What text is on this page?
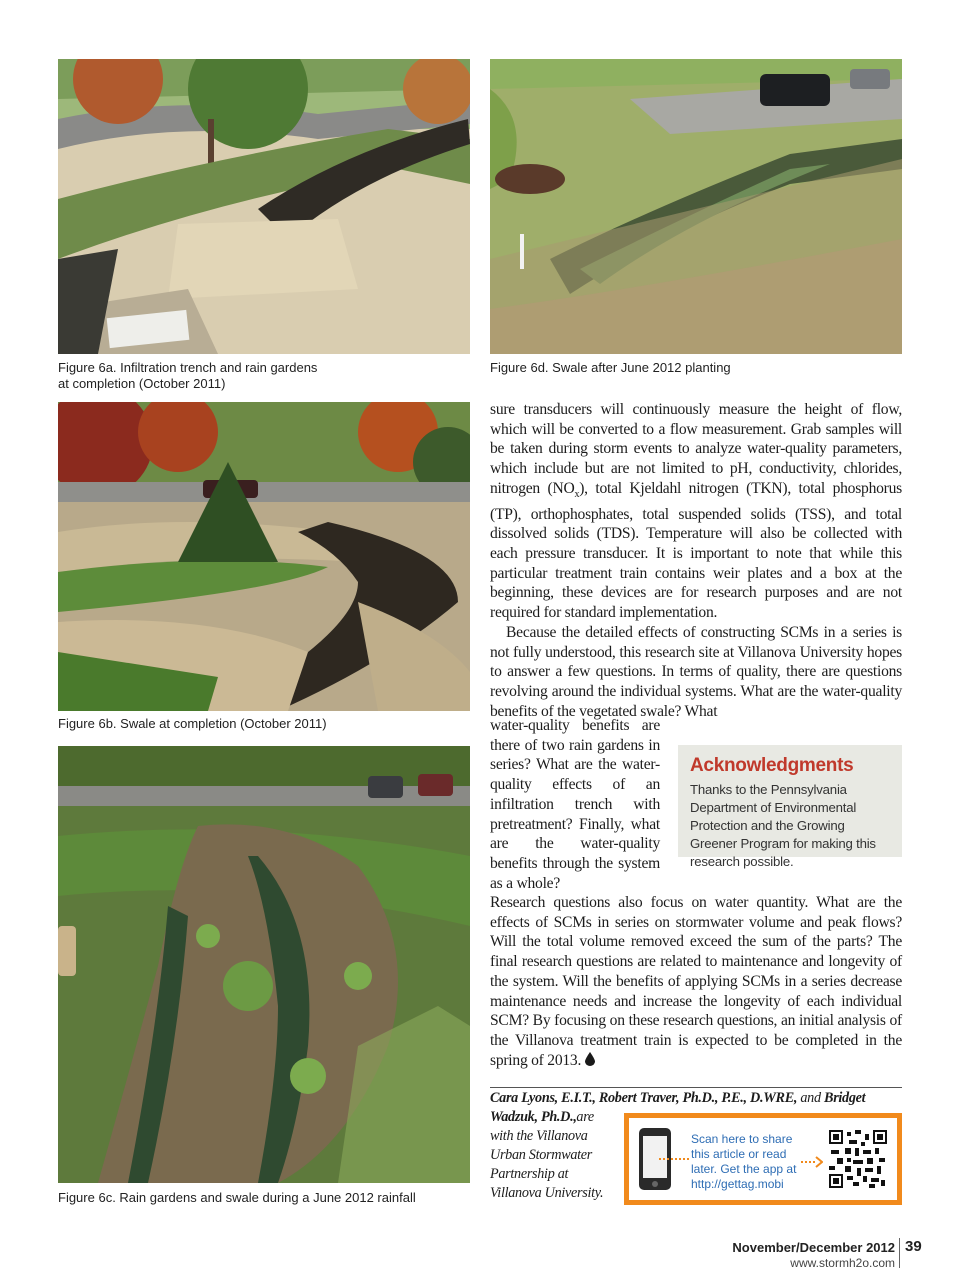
Figure 6a. Infiltration trench and rain gardens
at completion (October 2011)
Figure 6d. Swale after June 2012 planting
Figure 6b. Swale at completion (October 2011)
Figure 6c. Rain gardens and swale during a June 2012 rainfall

sure transducers will continuously measure the height of flow, which will be converted to a flow measurement. Grab samples will be taken during storm events to analyze water-quality parameters, which include but are not limited to pH, conductivity, chlorides, nitrogen $(NO_x)$, total Kjeldahl nitrogen (TKN), total phosphorus (TP), orthophosphates, total suspended solids (TSS), and total dissolved solids (TDS). Temperature will also be collected with each pressure transducer. It is important to note that while this particular treatment train contains weir plates and a box at the beginning, these devices are for research purposes and are not required for standard implementation.

Because the detailed effects of constructing SCMs in a series is not fully understood, this research site at Villanova University hopes to answer a few questions. In terms of quality, there are questions revolving around the individual systems. What are the water-quality benefits of the vegetated swale? What

water-quality benefits are there of two rain gardens in series? What are the water-quality effects of an infiltration trench with pretreatment? Finally, what are the water-quality benefits through the system as a whole?

Acknowledgments

Thanks to the Pennsylvania Department of Environmental Protection and the Growing Greener Program for making this research possible.

Research questions also focus on water quantity. What are the effects of SCMs in series on stormwater volume and peak flows? Will the total volume removed exceed the sum of the parts? The final research questions are related to maintenance and longevity of the system. Will the benefits of applying SCMs in a series decrease maintenance needs and increase the longevity of each individual SCM? By focusing on these research questions, an initial analysis of the Villanova treatment train is expected to be completed in the spring of 2013.

Cara Lyons, E.I.T., Robert Traver, Ph.D., P.E., D.WRE, and Bridget Wadzuk, Ph.D.,
are with the Villanova Urban Stormwater Partnership at Villanova University.
Scan here to share this article or read later. Get the app at http://gettag.mobi
November/December 2012 39
www.stormh2o.com
